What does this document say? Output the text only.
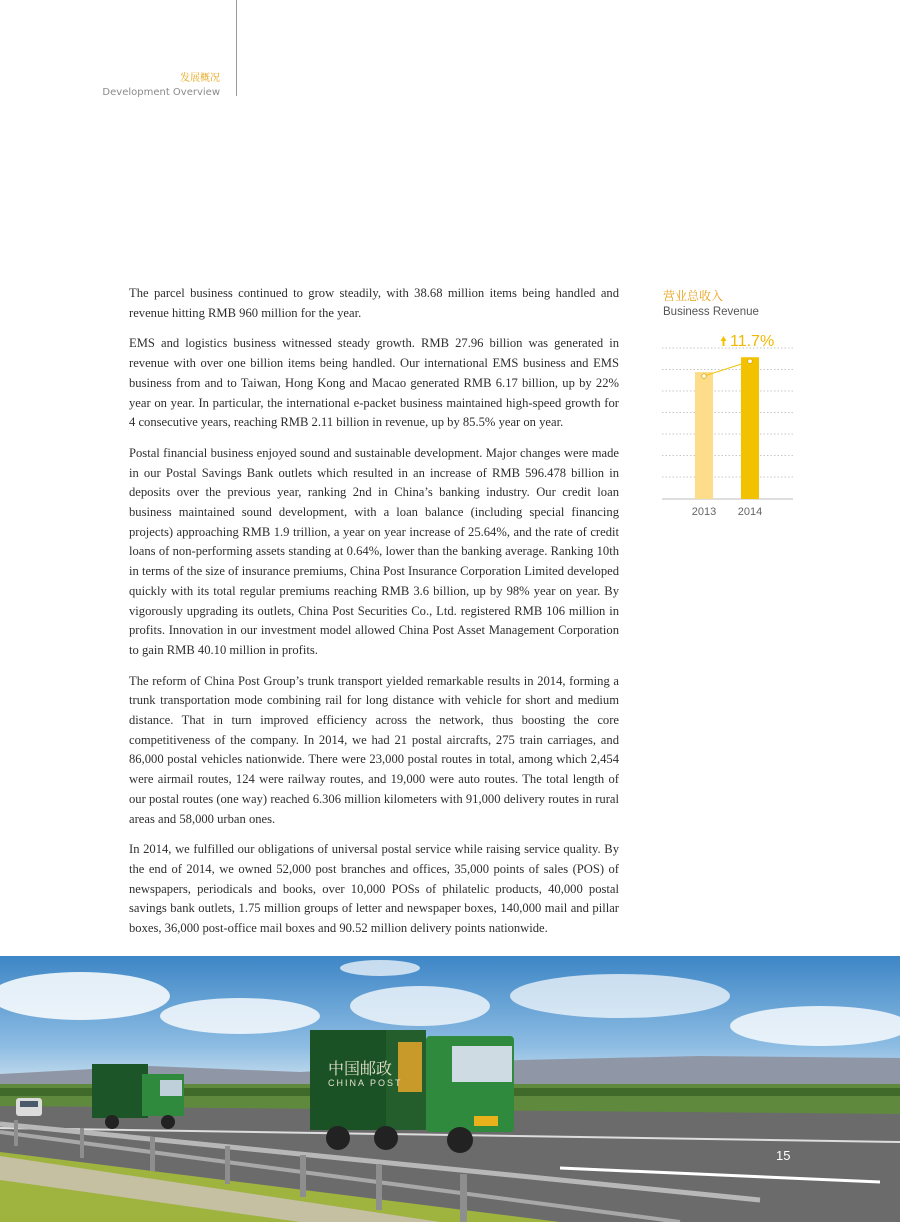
发展概况
Development Overview

The parcel business continued to grow steadily, with 38.68 million items being handled and revenue hitting RMB 960 million for the year.

EMS and logistics business witnessed steady growth. RMB 27.96 billion was generated in revenue with over one billion items being handled. Our international EMS business and EMS business from and to Taiwan, Hong Kong and Macao generated RMB 6.17 billion, up by 22% year on year. In particular, the international e-packet business maintained high-speed growth for 4 consecutive years, reaching RMB 2.11 billion in revenue, up by 85.5% year on year.

Postal financial business enjoyed sound and sustainable development. Major changes were made in our Postal Savings Bank outlets which resulted in an increase of RMB 596.478 billion in deposits over the previous year, ranking 2nd in China’s banking industry. Our credit loan business maintained sound development, with a loan balance (including special financing projects) approaching RMB 1.9 trillion, a year on year increase of 25.64%, and the rate of credit loans of non-performing assets standing at 0.64%, lower than the banking average. Ranking 10th in terms of the size of insurance premiums, China Post Insurance Corporation Limited developed quickly with its total regular premiums reaching RMB 3.6 billion, up by 98% year on year. By vigorously upgrading its outlets, China Post Securities Co., Ltd. registered RMB 106 million in profits. Innovation in our investment model allowed China Post Asset Management Corporation to gain RMB 40.10 million in profits.

The reform of China Post Group’s trunk transport yielded remarkable results in 2014, forming a trunk transportation mode combining rail for long distance with vehicle for short and medium distance. That in turn improved efficiency across the network, thus boosting the core competitiveness of the company. In 2014, we had 21 postal aircrafts, 275 train carriages, and 86,000 postal vehicles nationwide. There were 23,000 postal routes in total, among which 2,454 were airmail routes, 124 were railway routes, and 19,000 were auto routes. The total length of our postal routes (one way) reached 6.306 million kilometers with 91,000 delivery routes in rural areas and 58,000 urban ones.

In 2014, we fulfilled our obligations of universal postal service while raising service quality. By the end of 2014, we owned 52,000 post branches and offices, 35,000 points of sales (POS) of newspapers, periodicals and books, over 10,000 POSs of philatelic products, 40,000 postal savings bank outlets, 1.75 million groups of letter and newspaper boxes, 140,000 mail and pillar boxes, 36,000 post-office mail boxes and 90.52 million delivery points nationwide.

营业总收入
Business Revenue
2013 2014
11.7%
中国邮政
CHINA POST
15
